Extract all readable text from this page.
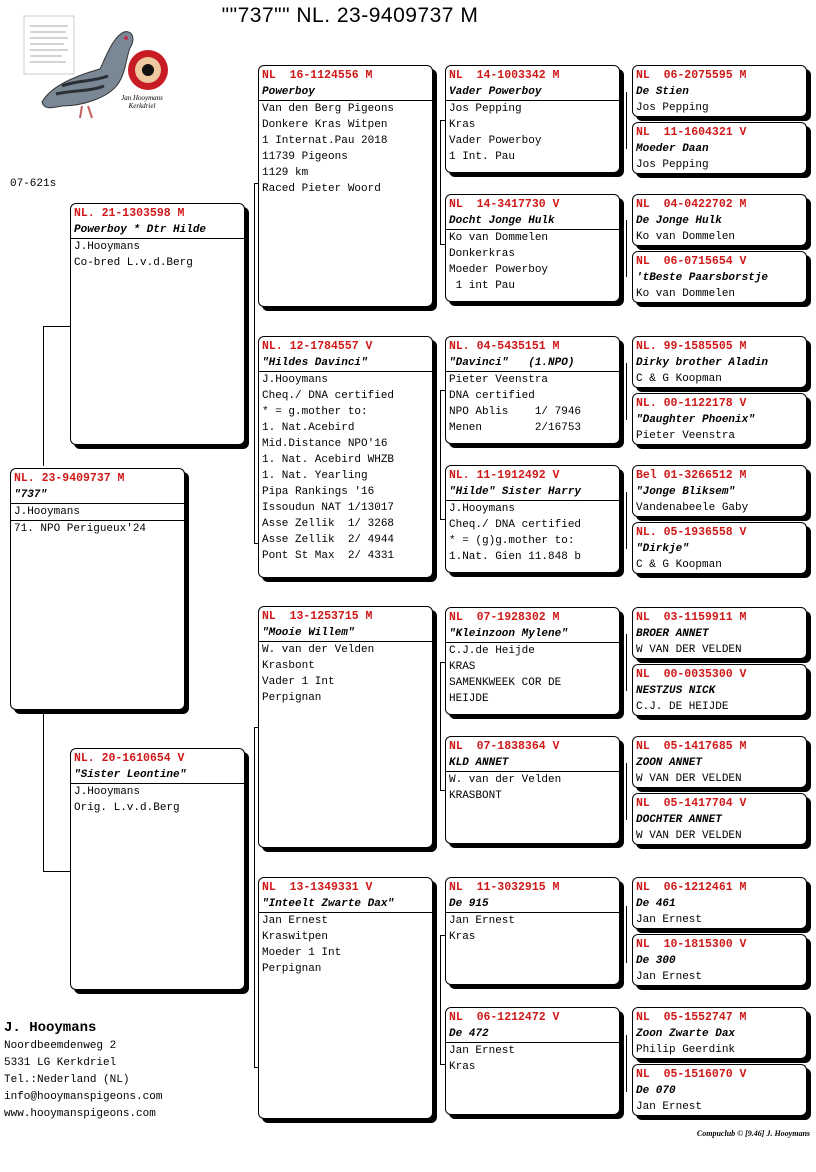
""737"" NL. 23-9409737 M
Jan Hooymans
Kerkdriel
07-621s
NL. 23-9409737 M
"737"
J.Hooymans
71. NPO Perigueux'24
NL. 21-1303598 M
Powerboy * Dtr Hilde
J.Hooymans
Co-bred L.v.d.Berg
NL. 20-1610654 V
"Sister Leontine"
J.Hooymans
Orig. L.v.d.Berg
NL  16-1124556 M
Powerboy
Van den Berg Pigeons
Donkere Kras Witpen
1 Internat.Pau 2018
11739 Pigeons
1129 km
Raced Pieter Woord
NL. 12-1784557 V
"Hildes Davinci"
J.Hooymans
Cheq./ DNA certified
* = g.mother to:
1. Nat.Acebird
Mid.Distance NPO'16
1. Nat. Acebird WHZB
1. Nat. Yearling
Pipa Rankings '16
Issoudun NAT 1/13017
Asse Zellik  1/ 3268
Asse Zellik  2/ 4944
Pont St Max  2/ 4331
NL  13-1253715 M
"Mooie Willem"
W. van der Velden
Krasbont
Vader 1 Int
Perpignan
NL  13-1349331 V
"Inteelt Zwarte Dax"
Jan Ernest
Kraswitpen
Moeder 1 Int
Perpignan
NL  14-1003342 M
Vader Powerboy
Jos Pepping
Kras
Vader Powerboy
1 Int. Pau
NL  14-3417730 V
Docht Jonge Hulk
Ko van Dommelen
Donkerkras
Moeder Powerboy
1 int Pau
NL. 04-5435151 M
"Davinci"   (1.NPO)
Pieter Veenstra
DNA certified
NPO Ablis    1/ 7946
Menen        2/16753
NL. 11-1912492 V
"Hilde" Sister Harry
J.Hooymans
Cheq./ DNA certified
* = (g)g.mother to:
1.Nat. Gien 11.848 b
NL  07-1928302 M
"Kleinzoon Mylene"
C.J.de Heijde
KRAS
SAMENKWEEK COR DE
HEIJDE
NL  07-1838364 V
KLD ANNET
W. van der Velden
KRASBONT
NL  11-3032915 M
De 915
Jan Ernest
Kras
NL  06-1212472 V
De 472
Jan Ernest
Kras
NL  06-2075595 M
De Stien
Jos Pepping
NL  11-1604321 V
Moeder Daan
Jos Pepping
NL  04-0422702 M
De Jonge Hulk
Ko van Dommelen
NL  06-0715654 V
'tBeste Paarsborstje
Ko van Dommelen
NL. 99-1585505 M
Dirky brother Aladin
C & G Koopman
NL. 00-1122178 V
"Daughter Phoenix"
Pieter Veenstra
Bel 01-3266512 M
"Jonge Bliksem"
Vandenabeele Gaby
NL. 05-1936558 V
"Dirkje"
C & G Koopman
NL  03-1159911 M
BROER ANNET
W VAN DER VELDEN
NL  00-0035300 V
NESTZUS NICK
C.J. DE HEIJDE
NL  05-1417685 M
ZOON ANNET
W VAN DER VELDEN
NL  05-1417704 V
DOCHTER ANNET
W VAN DER VELDEN
NL  06-1212461 M
De 461
Jan Ernest
NL  10-1815300 V
De 300
Jan Ernest
NL  05-1552747 M
Zoon Zwarte Dax
Philip Geerdink
NL  05-1516070 V
De 070
Jan Ernest
J. Hooymans
Noordbeemdenweg 2
5331 LG Kerkdriel
Tel.:Nederland (NL)
info@hooymanspigeons.com
www.hooymanspigeons.com
Compuclub © [9.46] J. Hooymans
